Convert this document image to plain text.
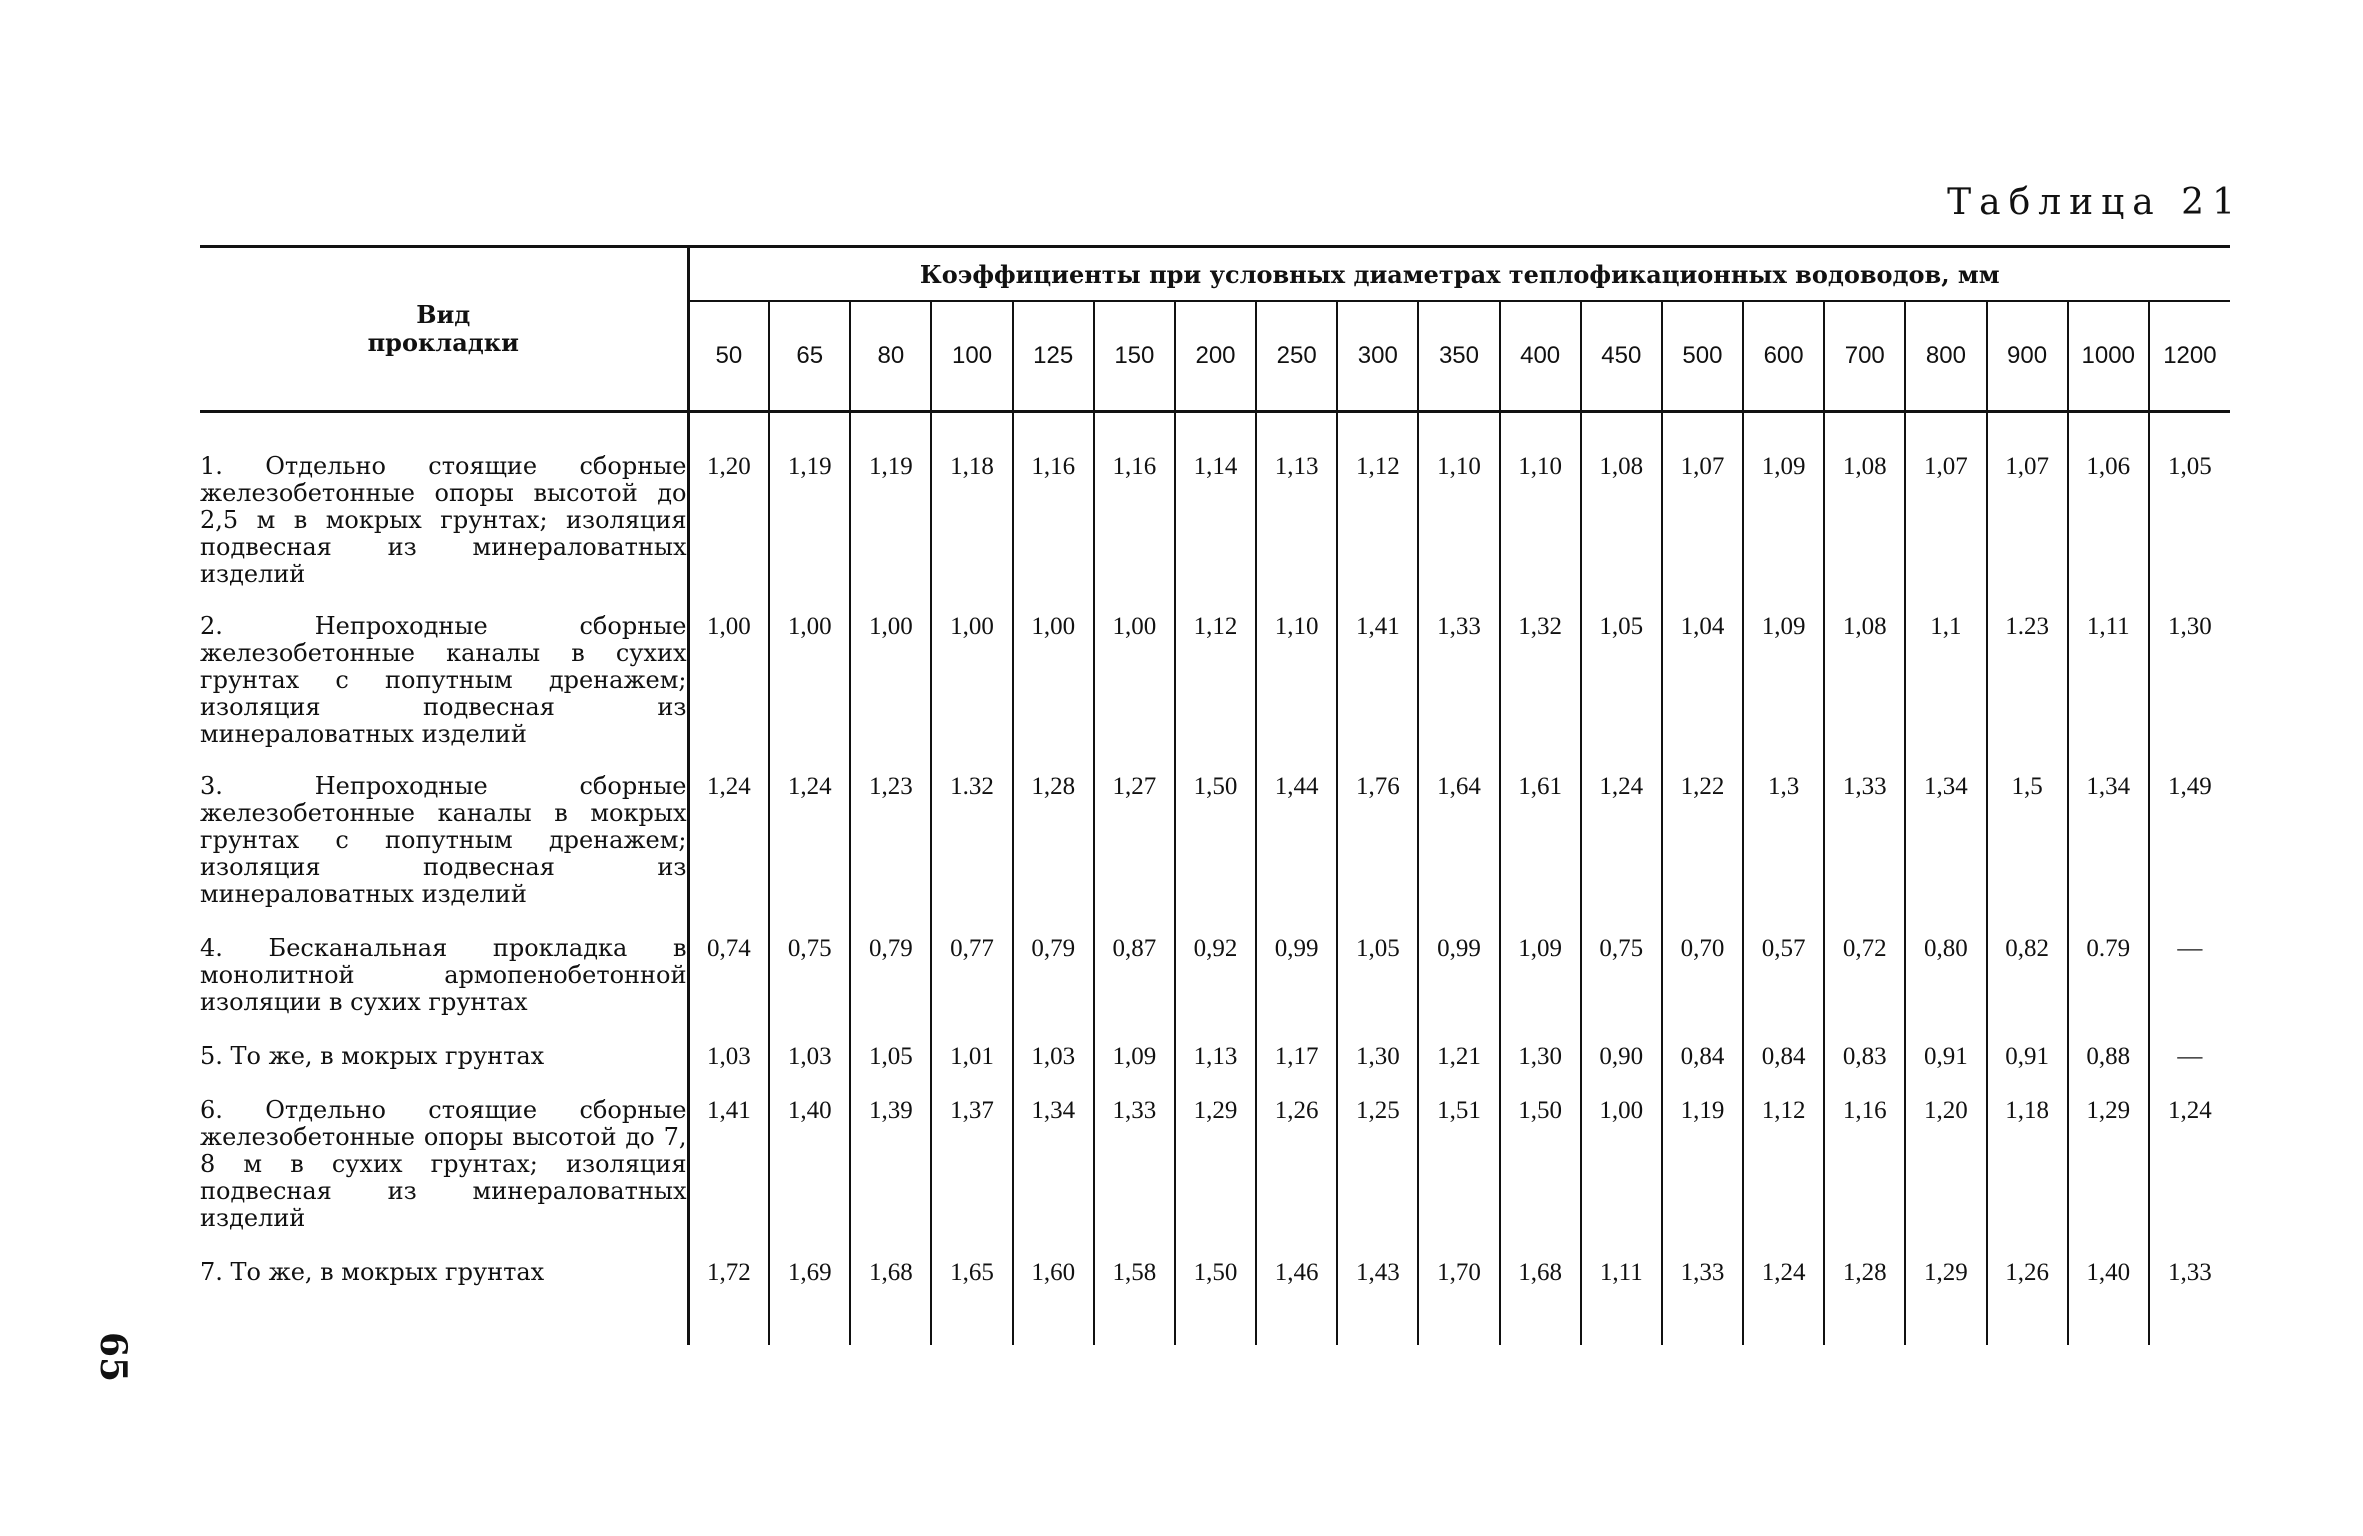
Таблица 21
Вид
прокладки	Коэффициенты при условных диаметрах теплофикационных водоводов, мм																		
	50	65	80	100	125	150	200	250	300	350	400	450	500	600	700	800	900	1000	1200

1. Отдельно стоящие сборные железобетонные опоры высотой до 2,5 м в мокрых грунтах; изоляция подвесная из минераловатных изделий	1,20	1,19	1,19	1,18	1,16	1,16	1,14	1,13	1,12	1,10	1,10	1,08	1,07	1,09	1,08	1,07	1,07	1,06	1,05
2. Непроходные сборные железобетонные каналы в сухих грунтах с попутным дренажем; изоляция подвесная из минераловатных изделий	1,00	1,00	1,00	1,00	1,00	1,00	1,12	1,10	1,41	1,33	1,32	1,05	1,04	1,09	1,08	1,1	1.23	1,11	1,30
3. Непроходные сборные железобетонные каналы в мокрых грунтах с попутным дренажем; изоляция подвесная из минераловатных изделий	1,24	1,24	1,23	1.32	1,28	1,27	1,50	1,44	1,76	1,64	1,61	1,24	1,22	1,3	1,33	1,34	1,5	1,34	1,49
4. Бесканальная прокладка в монолитной армопенобетонной изоляции в сухих грунтах	0,74	0,75	0,79	0,77	0,79	0,87	0,92	0,99	1,05	0,99	1,09	0,75	0,70	0,57	0,72	0,80	0,82	0.79	—
5. То же, в мокрых грунтах	1,03	1,03	1,05	1,01	1,03	1,09	1,13	1,17	1,30	1,21	1,30	0,90	0,84	0,84	0,83	0,91	0,91	0,88	—
6. Отдельно стоящие сборные железобетонные опоры высотой до 7, 8 м в сухих грунтах; изоляция подвесная из минераловатных изделий	1,41	1,40	1,39	1,37	1,34	1,33	1,29	1,26	1,25	1,51	1,50	1,00	1,19	1,12	1,16	1,20	1,18	1,29	1,24
7. То же, в мокрых грунтах	1,72	1,69	1,68	1,65	1,60	1,58	1,50	1,46	1,43	1,70	1,68	1,11	1,33	1,24	1,28	1,29	1,26	1,40	1,33
65
